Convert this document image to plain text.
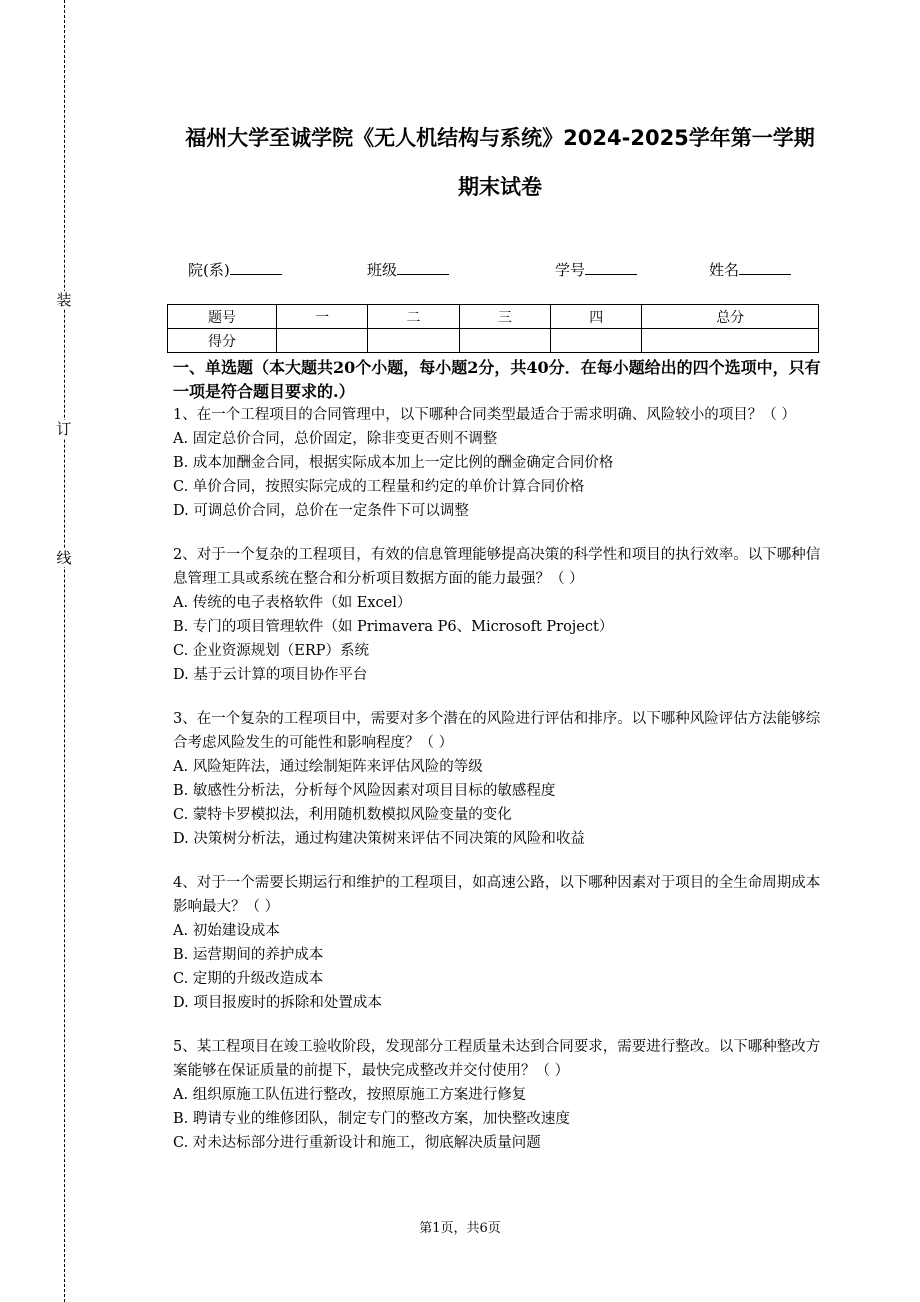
装
订
线
福州大学至诚学院《无人机结构与系统》2024-2025学年第一学期
期末试卷
院(系)	班级	学号	姓名
题号	一	二	三	四	总分
得分					
一、单选题（本大题共20个小题，每小题2分，共40分．在每小题给出的四个选项中，只有一项是符合题目要求的.）
1、在一个工程项目的合同管理中，以下哪种合同类型最适合于需求明确、风险较小的项目？（ ）
A. 固定总价合同，总价固定，除非变更否则不调整
B. 成本加酬金合同，根据实际成本加上一定比例的酬金确定合同价格
C. 单价合同，按照实际完成的工程量和约定的单价计算合同价格
D. 可调总价合同，总价在一定条件下可以调整
2、对于一个复杂的工程项目，有效的信息管理能够提高决策的科学性和项目的执行效率。以下哪种信息管理工具或系统在整合和分析项目数据方面的能力最强？（ ）
A. 传统的电子表格软件（如 Excel）
B. 专门的项目管理软件（如 Primavera P6、Microsoft Project）
C. 企业资源规划（ERP）系统
D. 基于云计算的项目协作平台
3、在一个复杂的工程项目中，需要对多个潜在的风险进行评估和排序。以下哪种风险评估方法能够综合考虑风险发生的可能性和影响程度？（ ）
A. 风险矩阵法，通过绘制矩阵来评估风险的等级
B. 敏感性分析法，分析每个风险因素对项目目标的敏感程度
C. 蒙特卡罗模拟法，利用随机数模拟风险变量的变化
D. 决策树分析法，通过构建决策树来评估不同决策的风险和收益
4、对于一个需要长期运行和维护的工程项目，如高速公路，以下哪种因素对于项目的全生命周期成本影响最大？（ ）
A. 初始建设成本
B. 运营期间的养护成本
C. 定期的升级改造成本
D. 项目报废时的拆除和处置成本
5、某工程项目在竣工验收阶段，发现部分工程质量未达到合同要求，需要进行整改。以下哪种整改方案能够在保证质量的前提下，最快完成整改并交付使用？（ ）
A. 组织原施工队伍进行整改，按照原施工方案进行修复
B. 聘请专业的维修团队，制定专门的整改方案，加快整改速度
C. 对未达标部分进行重新设计和施工，彻底解决质量问题
第1页，共6页
